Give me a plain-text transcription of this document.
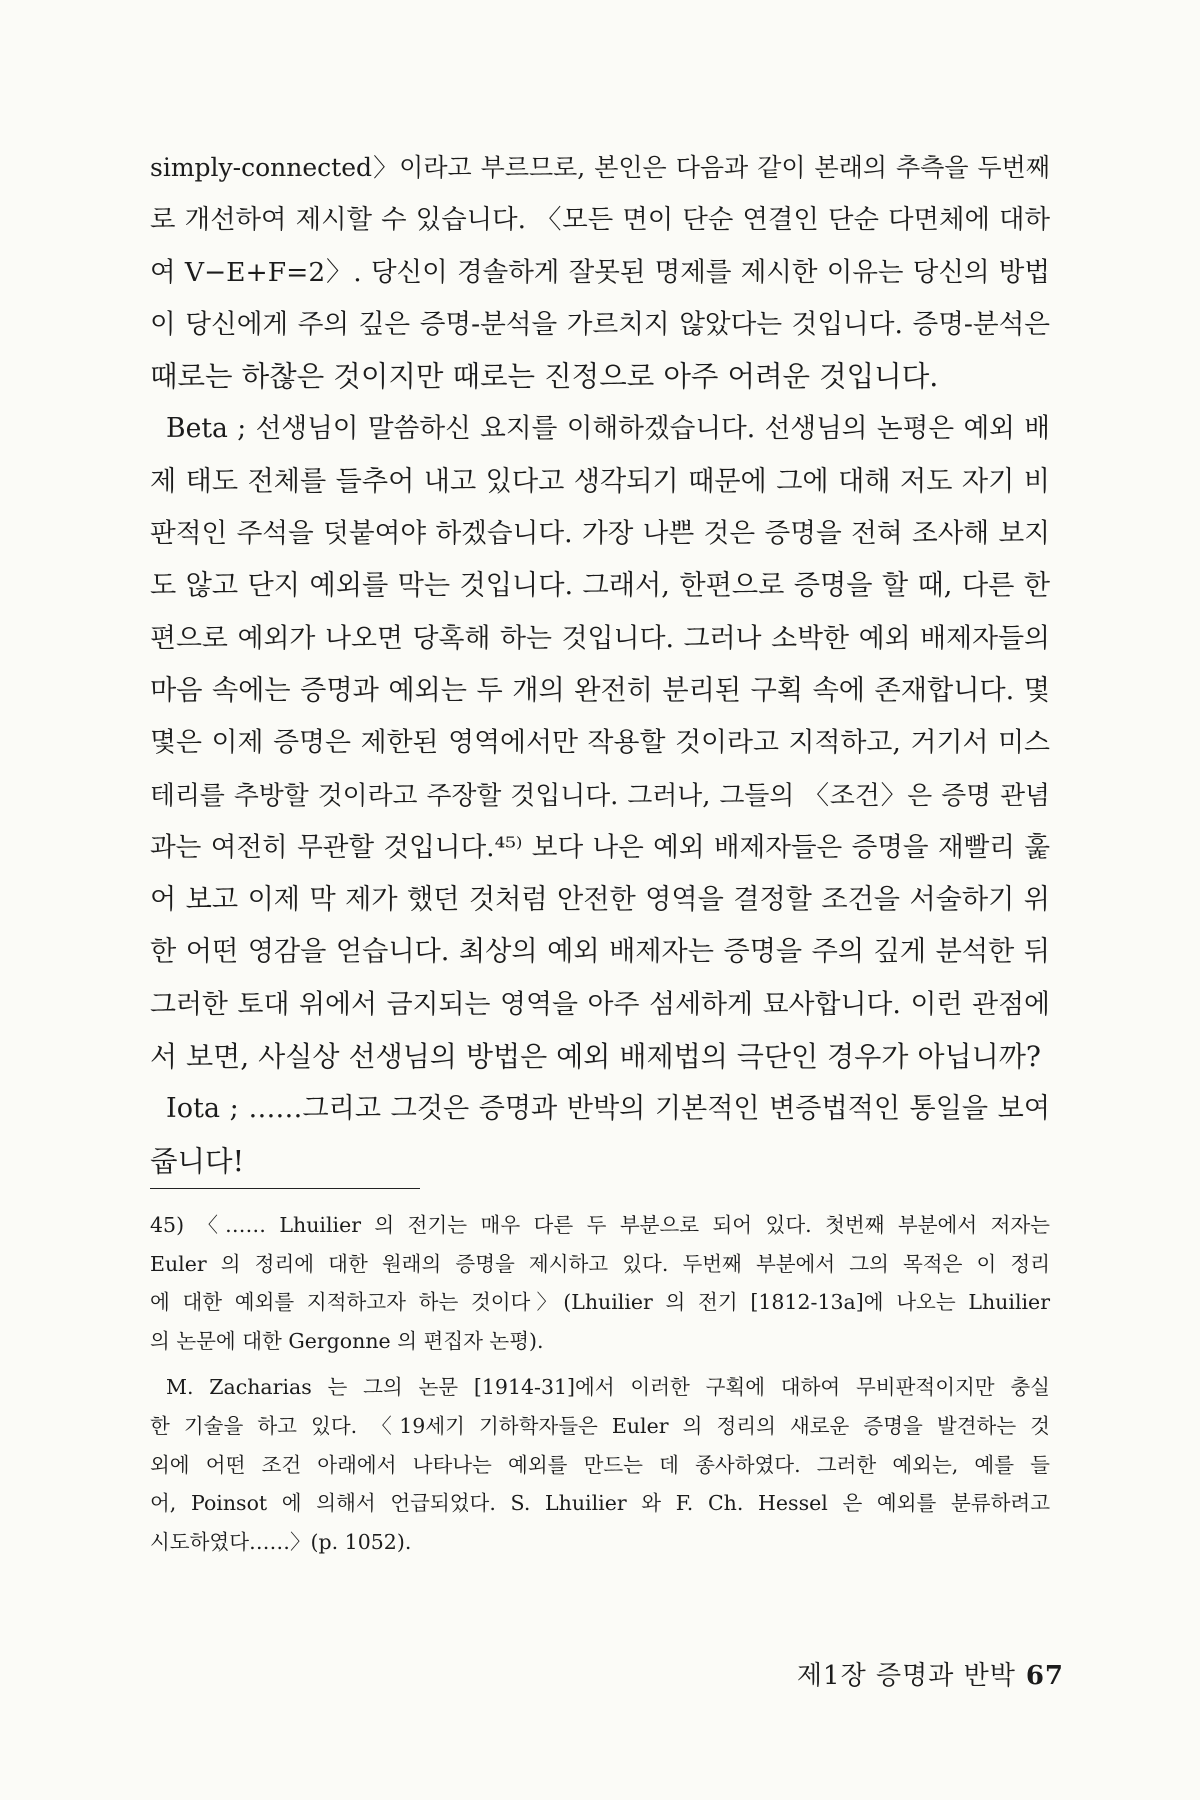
simply-connected〉이라고 부르므로, 본인은 다음과 같이 본래의 추측을 두번째
로 개선하여 제시할 수 있습니다. 〈모든 면이 단순 연결인 단순 다면체에 대하
여 V−E+F=2〉. 당신이 경솔하게 잘못된 명제를 제시한 이유는 당신의 방법
이 당신에게 주의 깊은 증명-분석을 가르치지 않았다는 것입니다. 증명-분석은
때로는 하찮은 것이지만 때로는 진정으로 아주 어려운 것입니다.
Beta ; 선생님이 말씀하신 요지를 이해하겠습니다. 선생님의 논평은 예외 배
제 태도 전체를 들추어 내고 있다고 생각되기 때문에 그에 대해 저도 자기 비
판적인 주석을 덧붙여야 하겠습니다. 가장 나쁜 것은 증명을 전혀 조사해 보지
도 않고 단지 예외를 막는 것입니다. 그래서, 한편으로 증명을 할 때, 다른 한
편으로 예외가 나오면 당혹해 하는 것입니다. 그러나 소박한 예외 배제자들의
마음 속에는 증명과 예외는 두 개의 완전히 분리된 구획 속에 존재합니다. 몇
몇은 이제 증명은 제한된 영역에서만 작용할 것이라고 지적하고, 거기서 미스
테리를 추방할 것이라고 주장할 것입니다. 그러나, 그들의 〈조건〉은 증명 관념
과는 여전히 무관할 것입니다.⁴⁵⁾ 보다 나은 예외 배제자들은 증명을 재빨리 훑
어 보고 이제 막 제가 했던 것처럼 안전한 영역을 결정할 조건을 서술하기 위
한 어떤 영감을 얻습니다. 최상의 예외 배제자는 증명을 주의 깊게 분석한 뒤
그러한 토대 위에서 금지되는 영역을 아주 섬세하게 묘사합니다. 이런 관점에
서 보면, 사실상 선생님의 방법은 예외 배제법의 극단인 경우가 아닙니까?
Iota ; ……그리고 그것은 증명과 반박의 기본적인 변증법적인 통일을 보여
줍니다!
45) 〈…… Lhuilier 의 전기는 매우 다른 두 부분으로 되어 있다. 첫번째 부분에서 저자는
Euler 의 정리에 대한 원래의 증명을 제시하고 있다. 두번째 부분에서 그의 목적은 이 정리
에 대한 예외를 지적하고자 하는 것이다〉(Lhuilier 의 전기 [1812-13a]에 나오는 Lhuilier
의 논문에 대한 Gergonne 의 편집자 논평).
M. Zacharias 는 그의 논문 [1914-31]에서 이러한 구획에 대하여 무비판적이지만 충실
한 기술을 하고 있다. 〈19세기 기하학자들은 Euler 의 정리의 새로운 증명을 발견하는 것
외에 어떤 조건 아래에서 나타나는 예외를 만드는 데 종사하였다. 그러한 예외는, 예를 들
어, Poinsot 에 의해서 언급되었다. S. Lhuilier 와 F. Ch. Hessel 은 예외를 분류하려고
시도하였다……〉(p. 1052).
제1장 증명과 반박 67
